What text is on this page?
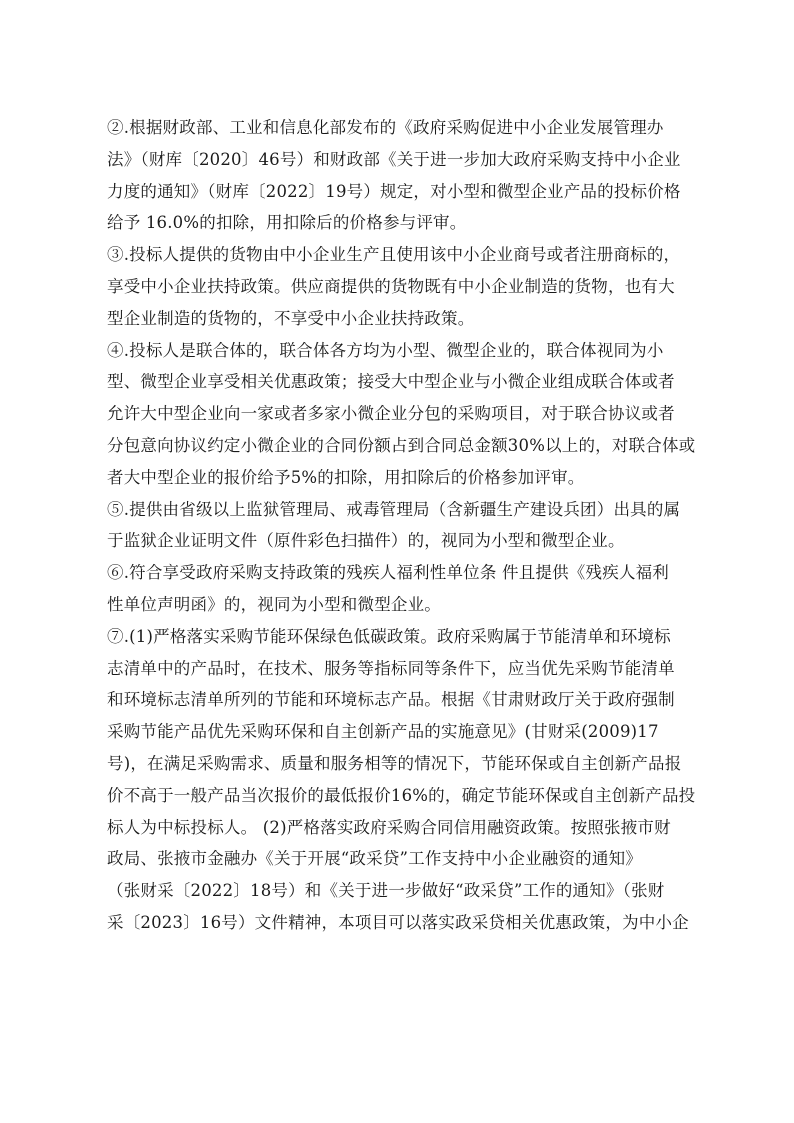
②.根据财政部、工业和信息化部发布的《政府采购促进中小企业发展管理办
法》（财库〔2020〕46号）和财政部《关于进一步加大政府采购支持中小企业
力度的通知》（财库〔2022〕19号）规定，对小型和微型企业产品的投标价格
给予 16.0%的扣除，用扣除后的价格参与评审。
③.投标人提供的货物由中小企业生产且使用该中小企业商号或者注册商标的，
享受中小企业扶持政策。供应商提供的货物既有中小企业制造的货物，也有大
型企业制造的货物的，不享受中小企业扶持政策。
④.投标人是联合体的，联合体各方均为小型、微型企业的，联合体视同为小
型、微型企业享受相关优惠政策；接受大中型企业与小微企业组成联合体或者
允许大中型企业向一家或者多家小微企业分包的采购项目，对于联合协议或者
分包意向协议约定小微企业的合同份额占到合同总金额30%以上的，对联合体或
者大中型企业的报价给予5%的扣除，用扣除后的价格参加评审。
⑤.提供由省级以上监狱管理局、戒毒管理局（含新疆生产建设兵团）出具的属
于监狱企业证明文件（原件彩色扫描件）的，视同为小型和微型企业。
⑥.符合享受政府采购支持政策的残疾人福利性单位条 件且提供《残疾人福利
性单位声明函》的，视同为小型和微型企业。
⑦.(1)严格落实采购节能环保绿色低碳政策。政府采购属于节能清单和环境标
志清单中的产品时，在技术、服务等指标同等条件下，应当优先采购节能清单
和环境标志清单所列的节能和环境标志产品。根据《甘肃财政厅关于政府强制
采购节能产品优先采购环保和自主创新产品的实施意见》(甘财采(2009)17
号)，在满足采购需求、质量和服务相等的情况下，节能环保或自主创新产品报
价不高于一般产品当次报价的最低报价16%的，确定节能环保或自主创新产品投
标人为中标投标人。 (2)严格落实政府采购合同信用融资政策。按照张掖市财
政局、张掖市金融办《关于开展“政采贷”工作支持中小企业融资的通知》
（张财采〔2022〕18号）和《关于进一步做好“政采贷”工作的通知》（张财
采〔2023〕16号）文件精神，本项目可以落实政采贷相关优惠政策，为中小企
